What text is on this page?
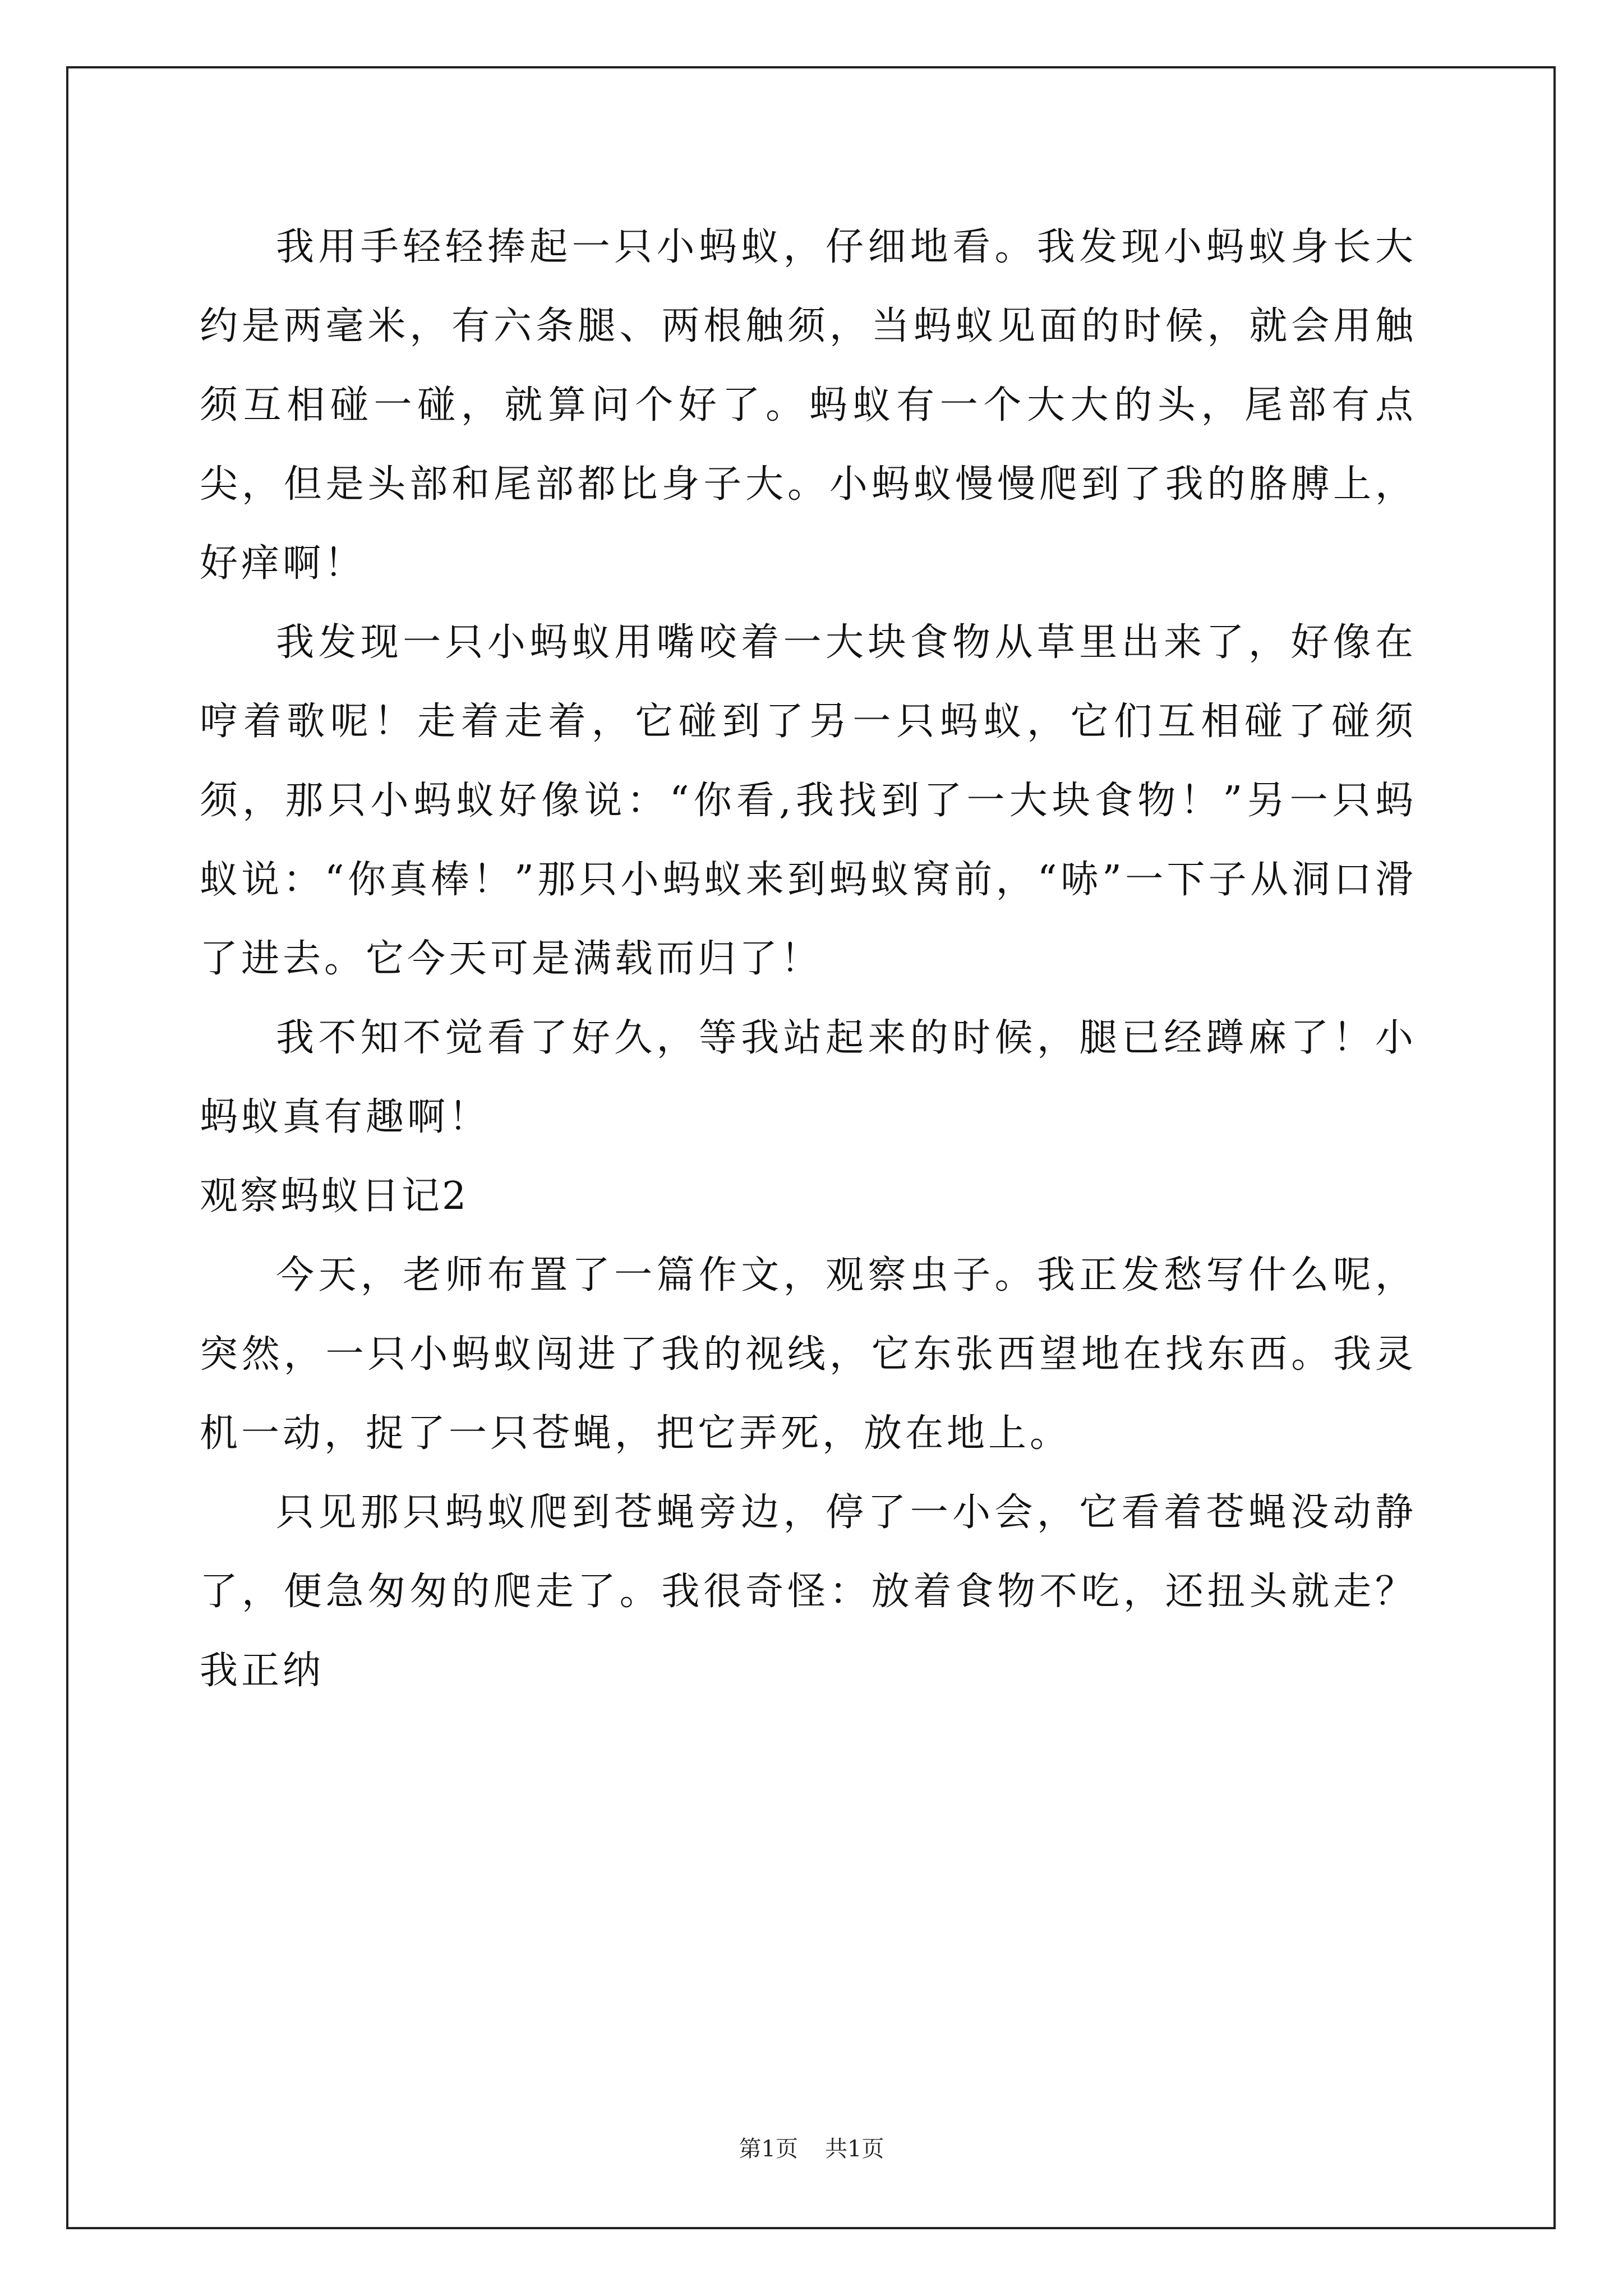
我用手轻轻捧起一只小蚂蚁，仔细地看。我发现小蚂蚁身长大约是两毫米，有六条腿、两根触须，当蚂蚁见面的时候，就会用触须互相碰一碰，就算问个好了。蚂蚁有一个大大的头，尾部有点尖，但是头部和尾部都比身子大。小蚂蚁慢慢爬到了我的胳膊上，好痒啊！

我发现一只小蚂蚁用嘴咬着一大块食物从草里出来了，好像在哼着歌呢！走着走着，它碰到了另一只蚂蚁，它们互相碰了碰须须，那只小蚂蚁好像说：“你看,我找到了一大块食物！”另一只蚂蚁说：“你真棒！”那只小蚂蚁来到蚂蚁窝前，“哧”一下子从洞口滑了进去。它今天可是满载而归了！

我不知不觉看了好久，等我站起来的时候，腿已经蹲麻了！小蚂蚁真有趣啊！

观察蚂蚁日记2

今天，老师布置了一篇作文，观察虫子。我正发愁写什么呢，突然，一只小蚂蚁闯进了我的视线，它东张西望地在找东西。我灵机一动，捉了一只苍蝇，把它弄死，放在地上。

只见那只蚂蚁爬到苍蝇旁边，停了一小会，它看着苍蝇没动静了，便急匆匆的爬走了。我很奇怪：放着食物不吃，还扭头就走？我正纳

第1页 共1页
